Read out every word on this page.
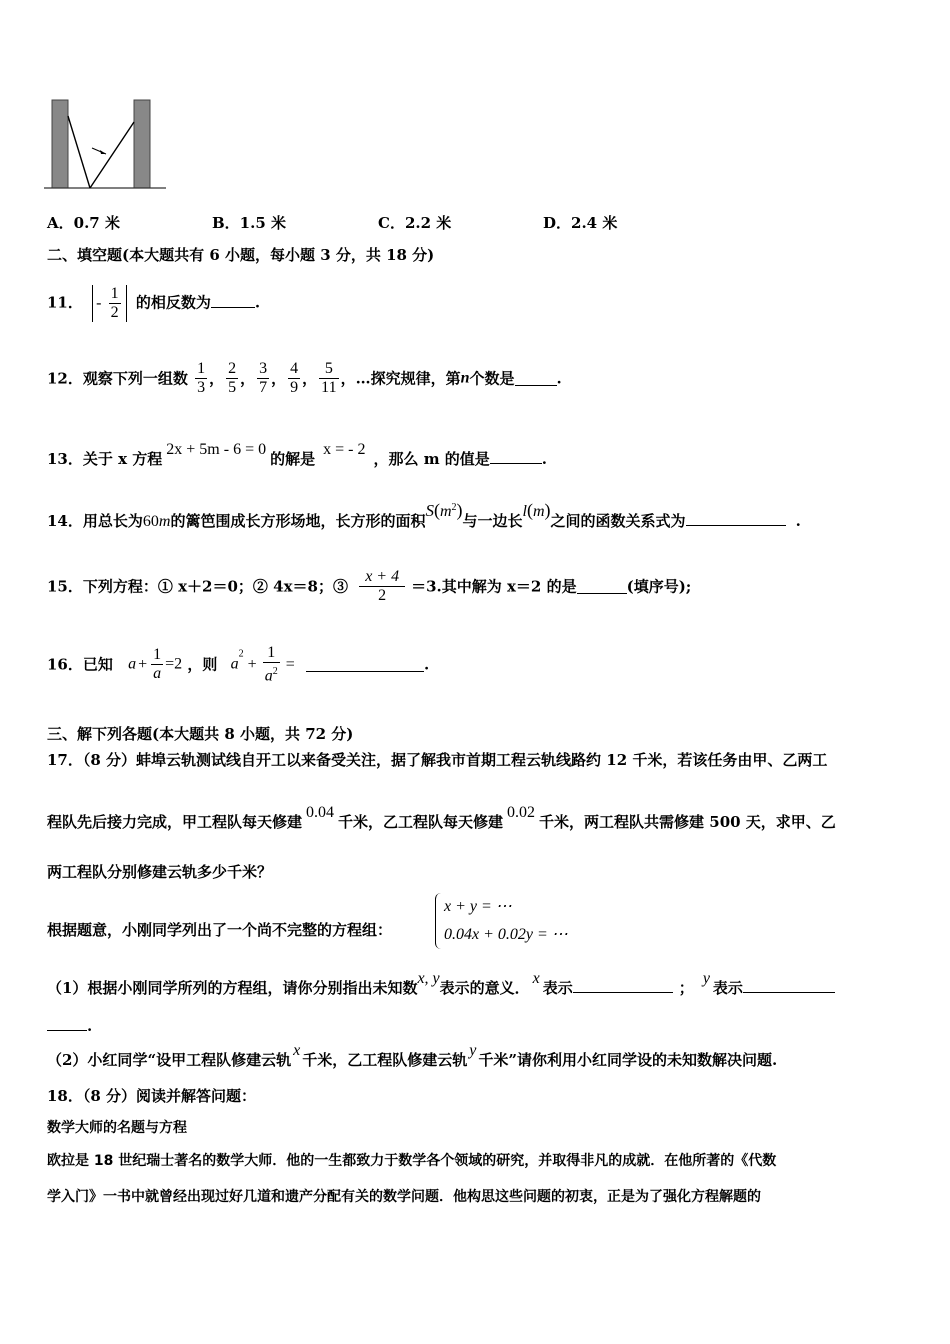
A．0.7 米	B．1.5 米	C．2.2 米	D．2.4 米
二、填空题(本大题共有 6 小题，每小题 3 分，共 18 分)
11． - $\frac{1}{2}$ 的相反数为	.
12．观察下列一组数 $\frac{1}{3}$ ， $\frac{2}{5}$ ， $\frac{3}{7}$ ， $\frac{4}{9}$ ， $\frac{5}{11}$ ，…探究规律，第n个数是	.
13．关于 x 方程2x + 5m - 6 = 0的解是x = - 2，那么 m 的值是	.
14．用总长为60m的篱笆围成长方形场地，长方形的面积$S(m^2)$与一边长l(m)之间的函数关系式为	.
15．下列方程：① x＋2＝0；② 4x＝8；③ $\frac{x + 4}{2} =3$.其中解为 x＝2 的是	(填序号);
16．已知 $a + \frac{1}{a} =2$ ，则 $a^2+ \frac{1}{a^2}$ =	.
三、解下列各题(本大题共 8 小题，共 72 分)
17．（8 分）蚌埠云轨测试线自开工以来备受关注，据了解我市首期工程云轨线路约 12 千米，若该任务由甲、乙两工
程队先后接力完成，甲工程队每天修建0.04千米，乙工程队每天修建0.02千米，两工程队共需修建 500 天，求甲、乙
两工程队分别修建云轨多少千米？
根据题意，小刚同学列出了一个尚不完整的方程组：
x + y = ⋯
0.04x + 0.02y = ⋯
（1）根据小刚同学所列的方程组，请你分别指出未知数x, y表示的意义．x表示	；y表示
.
（2）小红同学“设甲工程队修建云轨x千米，乙工程队修建云轨y千米”请你利用小红同学设的未知数解决问题.
18．（8 分）阅读并解答问题：
数学大师的名题与方程
欧拉是 18 世纪瑞士著名的数学大师．他的一生都致力于数学各个领域的研究，并取得非凡的成就．在他所著的《代数
学入门》一书中就曾经出现过好几道和遗产分配有关的数学问题．他构思这些问题的初衷，正是为了强化方程解题的
